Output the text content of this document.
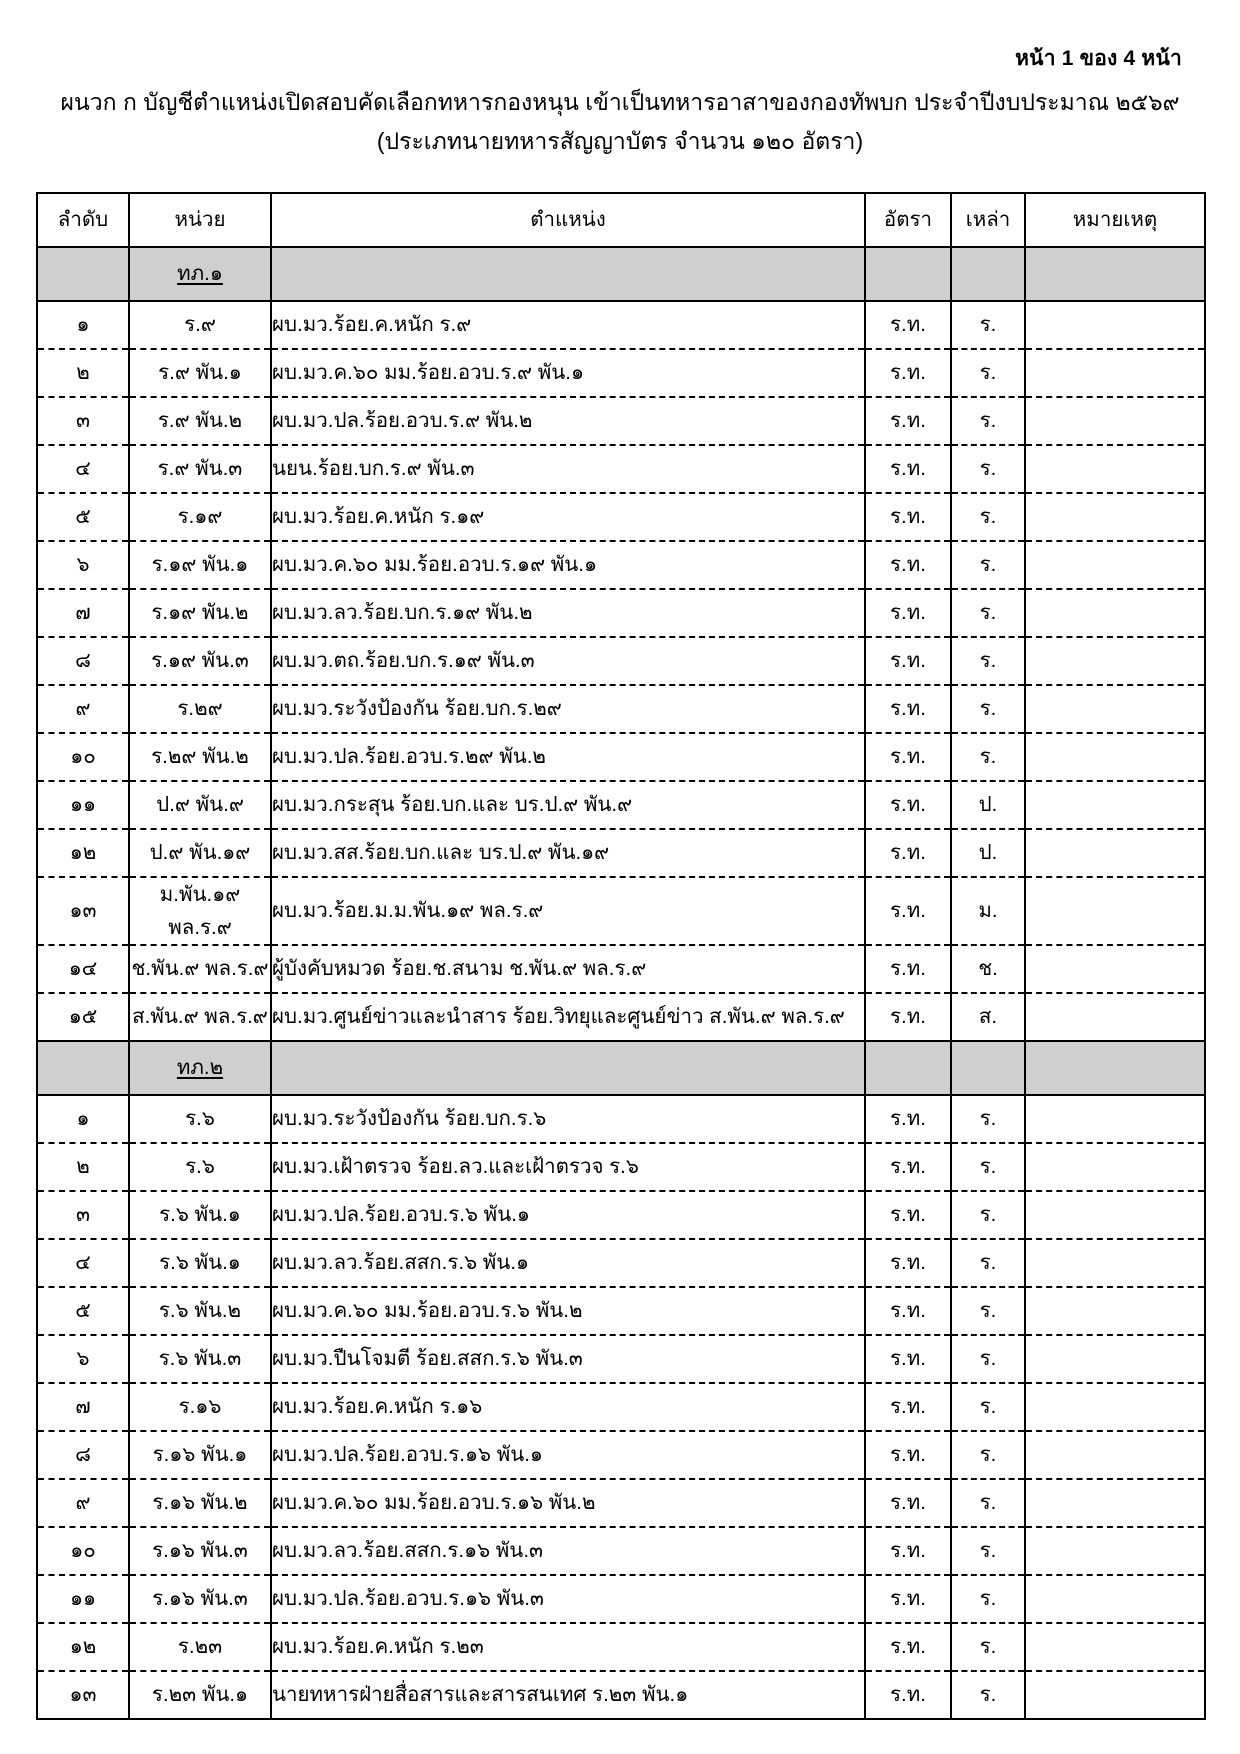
หน้า 1 ของ 4 หน้า
ผนวก ก บัญชีตำแหน่งเปิดสอบคัดเลือกทหารกองหนุน เข้าเป็นทหารอาสาของกองทัพบก ประจำปีงบประมาณ ๒๕๖๙
(ประเภทนายทหารสัญญาบัตร จำนวน ๑๒๐ อัตรา)
ลำดับ	หน่วย	ตำแหน่ง	อัตรา	เหล่า	หมายเหตุ
	ทภ.๑				
๑	ร.๙	ผบ.มว.ร้อย.ค.หนัก ร.๙	ร.ท.	ร.	
๒	ร.๙ พัน.๑	ผบ.มว.ค.๖๐ มม.ร้อย.อวบ.ร.๙ พัน.๑	ร.ท.	ร.	
๓	ร.๙ พัน.๒	ผบ.มว.ปล.ร้อย.อวบ.ร.๙ พัน.๒	ร.ท.	ร.	
๔	ร.๙ พัน.๓	นยน.ร้อย.บก.ร.๙ พัน.๓	ร.ท.	ร.	
๕	ร.๑๙	ผบ.มว.ร้อย.ค.หนัก ร.๑๙	ร.ท.	ร.	
๖	ร.๑๙ พัน.๑	ผบ.มว.ค.๖๐ มม.ร้อย.อวบ.ร.๑๙ พัน.๑	ร.ท.	ร.	
๗	ร.๑๙ พัน.๒	ผบ.มว.ลว.ร้อย.บก.ร.๑๙ พัน.๒	ร.ท.	ร.	
๘	ร.๑๙ พัน.๓	ผบ.มว.ตถ.ร้อย.บก.ร.๑๙ พัน.๓	ร.ท.	ร.	
๙	ร.๒๙	ผบ.มว.ระวังป้องกัน ร้อย.บก.ร.๒๙	ร.ท.	ร.	
๑๐	ร.๒๙ พัน.๒	ผบ.มว.ปล.ร้อย.อวบ.ร.๒๙ พัน.๒	ร.ท.	ร.	
๑๑	ป.๙ พัน.๙	ผบ.มว.กระสุน ร้อย.บก.และ บร.ป.๙ พัน.๙	ร.ท.	ป.	
๑๒	ป.๙ พัน.๑๙	ผบ.มว.สส.ร้อย.บก.และ บร.ป.๙ พัน.๑๙	ร.ท.	ป.	
๑๓	ม.พัน.๑๙ พล.ร.๙	ผบ.มว.ร้อย.ม.ม.พัน.๑๙ พล.ร.๙	ร.ท.	ม.	
๑๔	ช.พัน.๙ พล.ร.๙	ผู้บังคับหมวด ร้อย.ช.สนาม ช.พัน.๙ พล.ร.๙	ร.ท.	ช.	
๑๕	ส.พัน.๙ พล.ร.๙	ผบ.มว.ศูนย์ข่าวและนำสาร ร้อย.วิทยุและศูนย์ข่าว ส.พัน.๙ พล.ร.๙	ร.ท.	ส.	
	ทภ.๒				
๑	ร.๖	ผบ.มว.ระวังป้องกัน ร้อย.บก.ร.๖	ร.ท.	ร.	
๒	ร.๖	ผบ.มว.เฝ้าตรวจ ร้อย.ลว.และเฝ้าตรวจ ร.๖	ร.ท.	ร.	
๓	ร.๖ พัน.๑	ผบ.มว.ปล.ร้อย.อวบ.ร.๖ พัน.๑	ร.ท.	ร.	
๔	ร.๖ พัน.๑	ผบ.มว.ลว.ร้อย.สสก.ร.๖ พัน.๑	ร.ท.	ร.	
๕	ร.๖ พัน.๒	ผบ.มว.ค.๖๐ มม.ร้อย.อวบ.ร.๖ พัน.๒	ร.ท.	ร.	
๖	ร.๖ พัน.๓	ผบ.มว.ปืนโจมตี ร้อย.สสก.ร.๖ พัน.๓	ร.ท.	ร.	
๗	ร.๑๖	ผบ.มว.ร้อย.ค.หนัก ร.๑๖	ร.ท.	ร.	
๘	ร.๑๖ พัน.๑	ผบ.มว.ปล.ร้อย.อวบ.ร.๑๖ พัน.๑	ร.ท.	ร.	
๙	ร.๑๖ พัน.๒	ผบ.มว.ค.๖๐ มม.ร้อย.อวบ.ร.๑๖ พัน.๒	ร.ท.	ร.	
๑๐	ร.๑๖ พัน.๓	ผบ.มว.ลว.ร้อย.สสก.ร.๑๖ พัน.๓	ร.ท.	ร.	
๑๑	ร.๑๖ พัน.๓	ผบ.มว.ปล.ร้อย.อวบ.ร.๑๖ พัน.๓	ร.ท.	ร.	
๑๒	ร.๒๓	ผบ.มว.ร้อย.ค.หนัก ร.๒๓	ร.ท.	ร.	
๑๓	ร.๒๓ พัน.๑	นายทหารฝ่ายสื่อสารและสารสนเทศ ร.๒๓ พัน.๑	ร.ท.	ร.	
